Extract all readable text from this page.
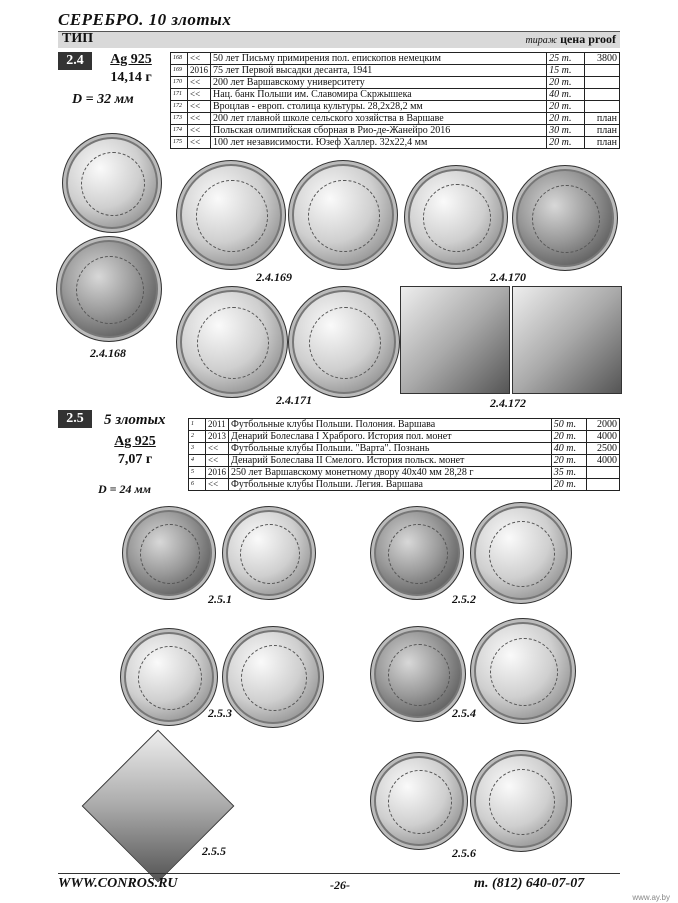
СЕРЕБРО. 10 злотых
ТИП	тираж цена proof
2.4	Ag 925
14,14 г
D = 32 мм
168	<<	50 лет Письму примирения пол. епископов немецким	25 т.	3800
169	2016	75 лет Первой высадки десанта, 1941	15 т.	
170	<<	200 лет Варшавскому университету	20 т.	
171	<<	Нац. банк Польши им. Славомира Скржышека	40 т.	
172	<<	Вроцлав - европ. столица культуры. 28,2x28,2 мм	20 т.	
173	<<	200 лет главной школе сельского хозяйства в Варшаве	20 т.	план
174	<<	Польская олимпийская сборная в Рио-де-Жанейро 2016	30 т.	план
175	<<	100 лет независимости. Юзеф Халлер. 32x22,4 мм	20 т.	план
2.4.168
2.4.169	2.4.170
2.4.171	2.4.172
2.5	5 злотых
Ag 925
7,07 г
D = 24 мм
1	2011	Футбольные клубы Польши. Полония. Варшава	50 т.	2000
2	2013	Денарий Болеслава I Храброго. История пол. монет	20 т.	4000
3	<<	Футбольные клубы Польши. "Варта". Познань	40 т.	2500
4	<<	Денарий Болеслава II Смелого. История польск. монет	20 т.	4000
5	2016	250 лет Варшавскому монетному двору 40x40 мм 28,28 г	35 т.	
6	<<	Футбольные клубы Польши. Легия. Варшава	20 т.	
2.5.1	2.5.2
2.5.3	2.5.4
2.5.5	2.5.6
WWW.CONROS.RU	-26-	т. (812) 640-07-07
www.ay.by
